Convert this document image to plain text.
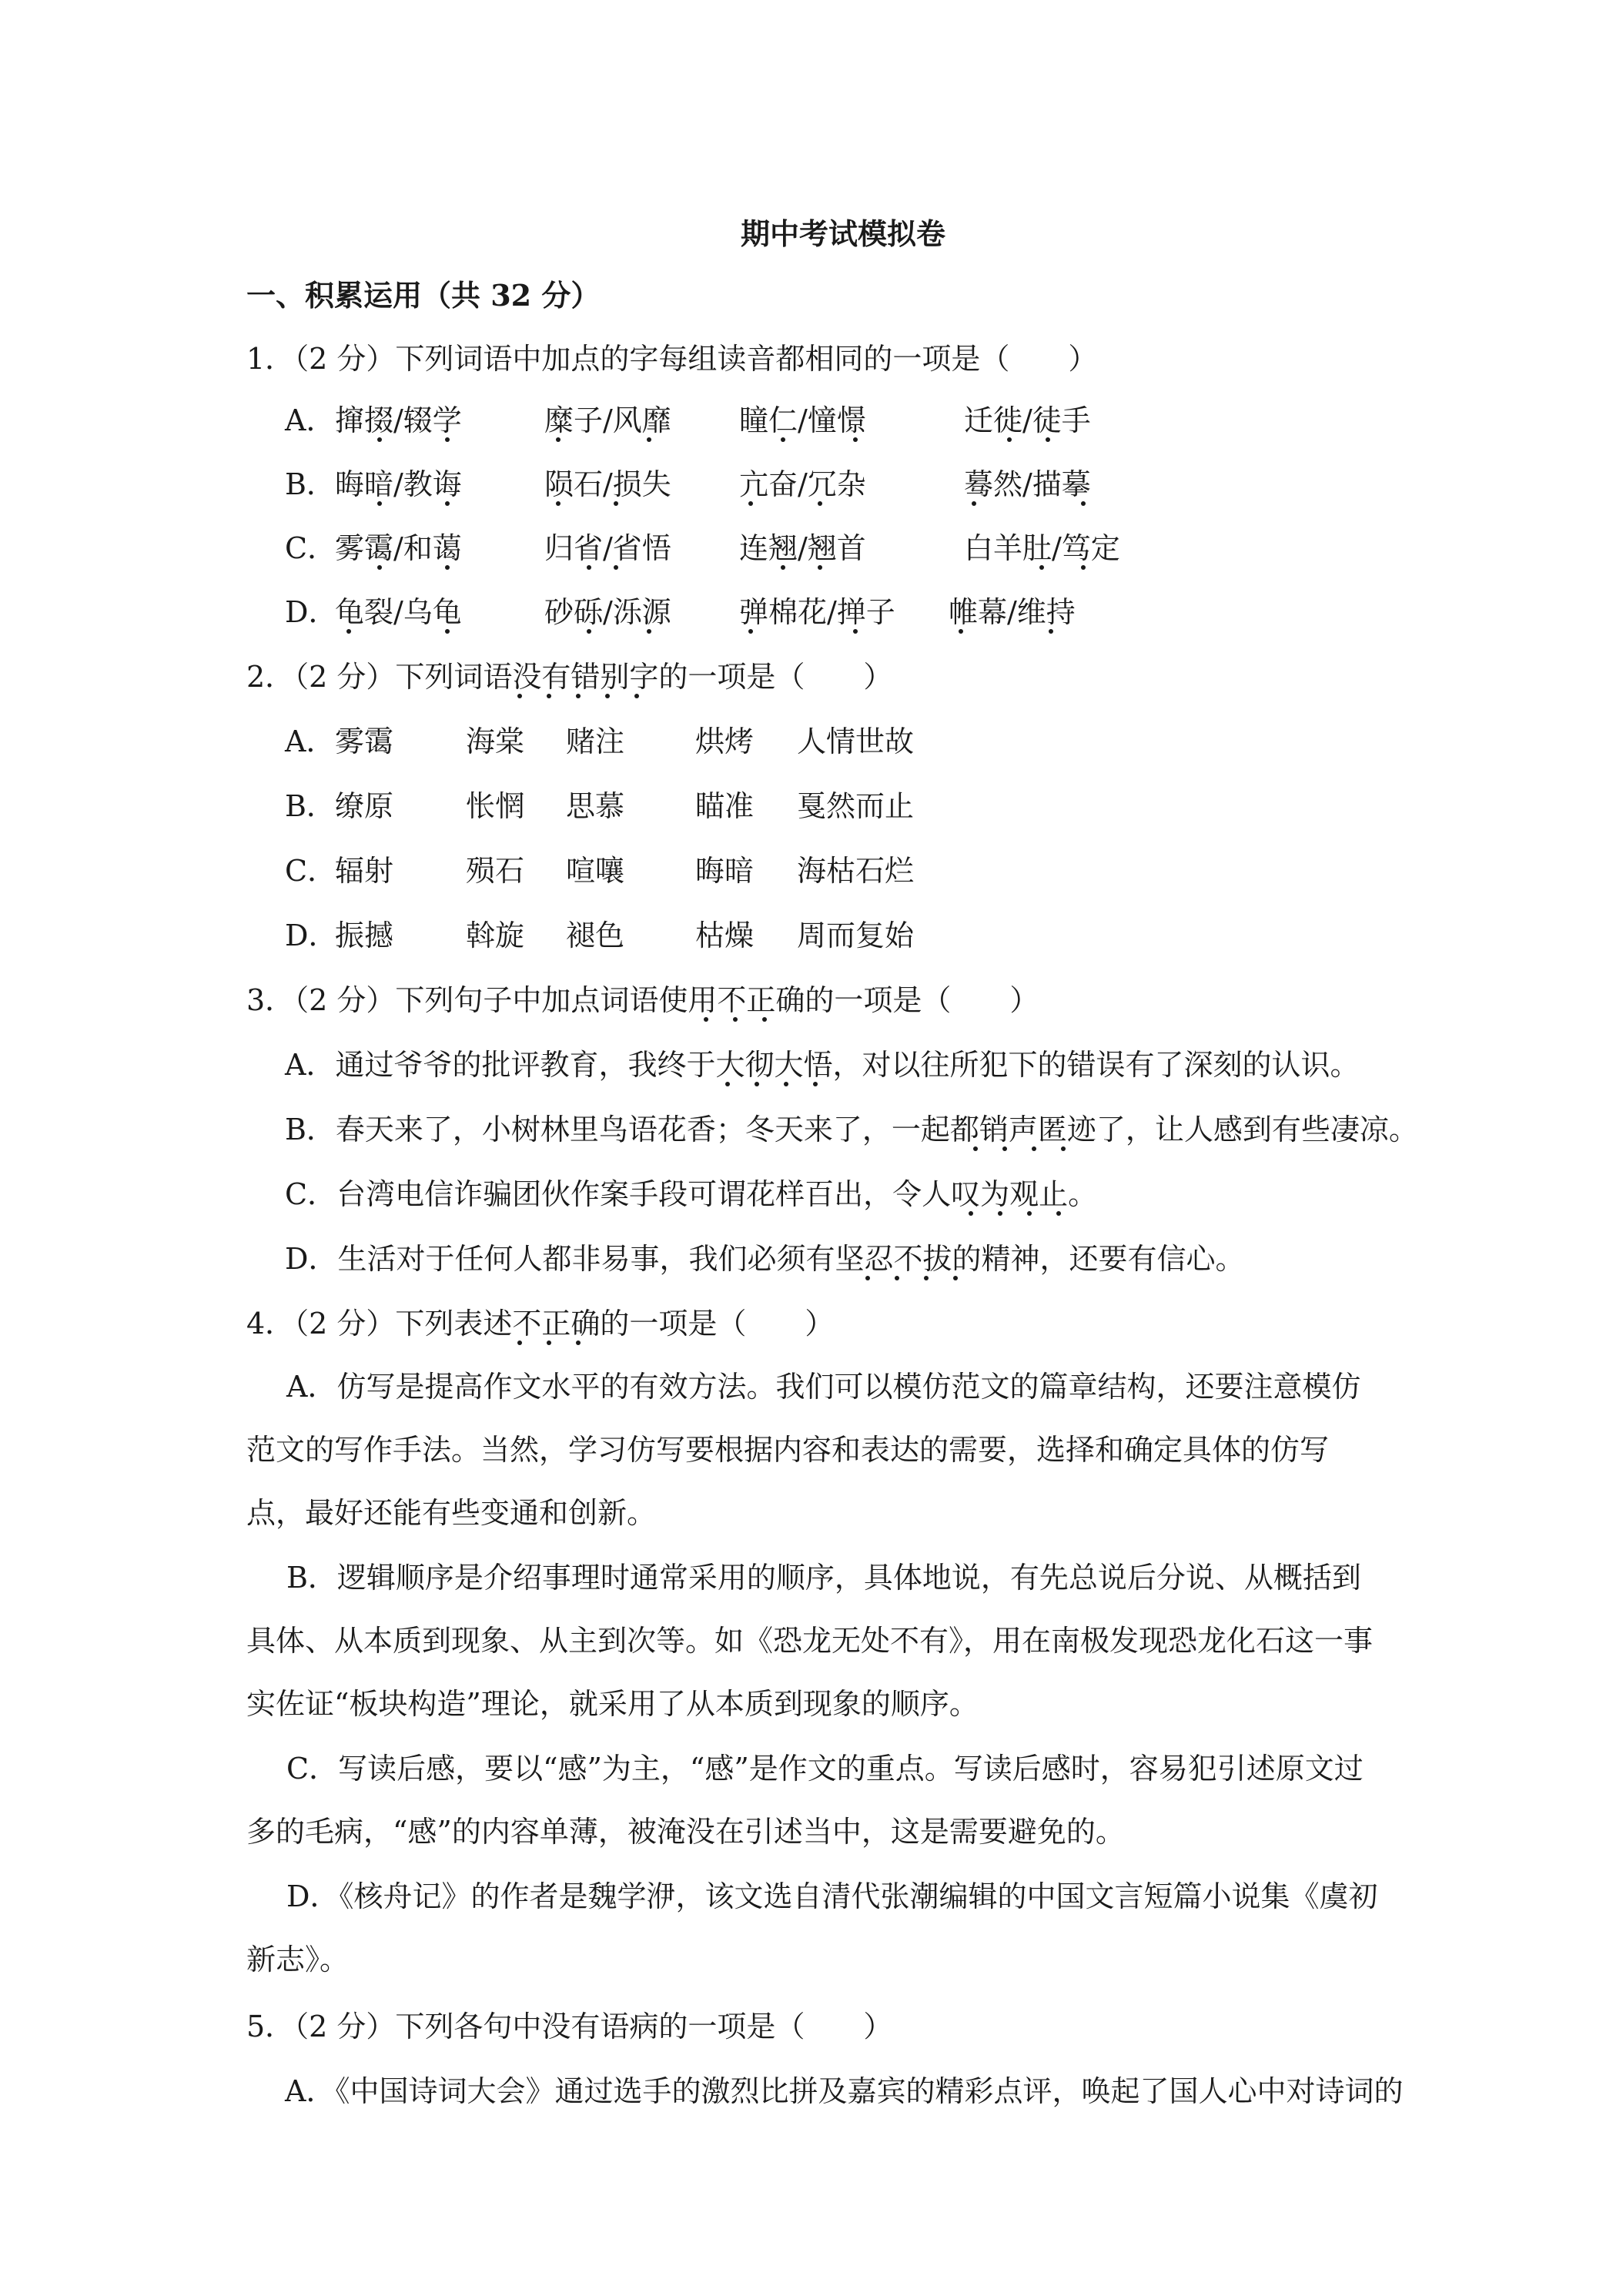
期中考试模拟卷
一、积累运用（共 32 分）
1．（2 分）下列词语中加点的字每组读音都相同的一项是（　　）
A． 撺掇/辍学	糜子/风靡 瞳仁/憧憬	迁徙/徒手
B． 晦暗/教诲	陨石/损失 亢奋/冗杂	蓦然/描摹
C．
雾霭/和蔼	归省/省悟 连翘/翘首	白羊肚/笃定
D．
龟裂/乌龟	砂砾/泺源 弹棉花/掸子 帷幕/维持
2．（2 分）下列词语没有错别字的一项是（　　）
A． 雾霭 海棠 赌注 烘烤 人情世故
B． 缭原 怅惘 思慕 瞄准 戛然而止
C．
辐射 殒石 喧嚷 晦暗 海枯石烂
D．
振撼 斡旋 褪色 枯燥 周而复始
3．（2 分）下列句子中加点词语使用不正确的一项是（　　）
A．通过爷爷的批评教育，我终于大彻大悟，对以往所犯下的错误有了深刻的认识。
B．春天来了，小树林里鸟语花香；冬天来了，一起都销声匿迹了，让人感到有些凄凉。
C．台湾电信诈骗团伙作案手段可谓花样百出，令人叹为观止。
D．生活对于任何人都非易事，我们必须有坚忍不拔的精神，还要有信心。
4．（2 分）下列表述不正确的一项是（　　）
A．仿写是提高作文水平的有效方法。我们可以模仿范文的篇章结构，还要注意模仿范文的写作手法。当然，学习仿写要根据内容和表达的需要，选择和确定具体的仿写点，最好还能有些变通和创新。
B．逻辑顺序是介绍事理时通常采用的顺序，具体地说，有先总说后分说、从概括到具体、从本质到现象、从主到次等。如《恐龙无处不有》，用在南极发现恐龙化石这一事实佐证“板块构造”理论，就采用了从本质到现象的顺序。
C．写读后感，要以“感”为主，“感”是作文的重点。写读后感时，容易犯引述原文过多的毛病，“感”的内容单薄，被淹没在引述当中，这是需要避免的。
D．《核舟记》的作者是魏学洢，该文选自清代张潮编辑的中国文言短篇小说集《虞初新志》。
5．（2 分）下列各句中没有语病的一项是（　　）
A．《中国诗词大会》通过选手的激烈比拼及嘉宾的精彩点评，唤起了国人心中对诗词的
